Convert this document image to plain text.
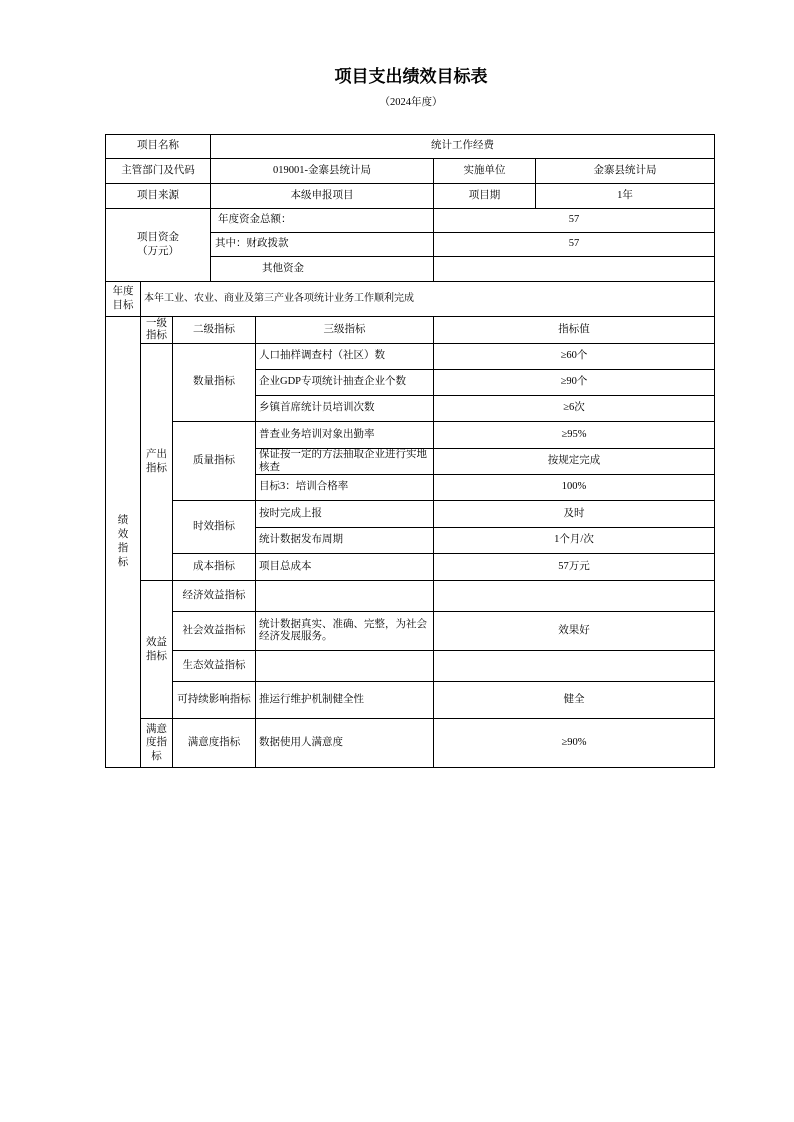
项目支出绩效目标表
（2024年度）
项目名称			统计工作经费			
主管部门及代码			019001-金寨县统计局		实施单位	金寨县统计局
项目来源			本级申报项目		项目期	1年

项目资金
（万元）			年度资金总额：		57	
			其中：财政拨款		57	
			其他资金			
年度目标	本年工业、农业、商业及第三产业各项统计业务工作顺利完成					
绩效指标	一级指标	二级指标		三级指标	指标值	
	产出指标	数量指标		人口抽样调查村（社区）数	≥60个	
				企业GDP专项统计抽查企业个数	≥90个	
				乡镇首席统计员培训次数	≥6次	
		质量指标		普查业务培训对象出勤率	≥95%	
				保证按一定的方法抽取企业进行实地核查	按规定完成	
				目标3：培训合格率	100%	
		时效指标		按时完成上报	及时	
				统计数据发布周期	1个月/次	
		成本指标		项目总成本	57万元	
	效益指标	经济效益指标				
		社会效益指标		统计数据真实、准确、完整，为社会经济发展服务。	效果好	
		生态效益指标				
		可持续影响指标		推运行维护机制健全性	健全	
	满意度指标	满意度指标		数据使用人满意度	≥90%	
